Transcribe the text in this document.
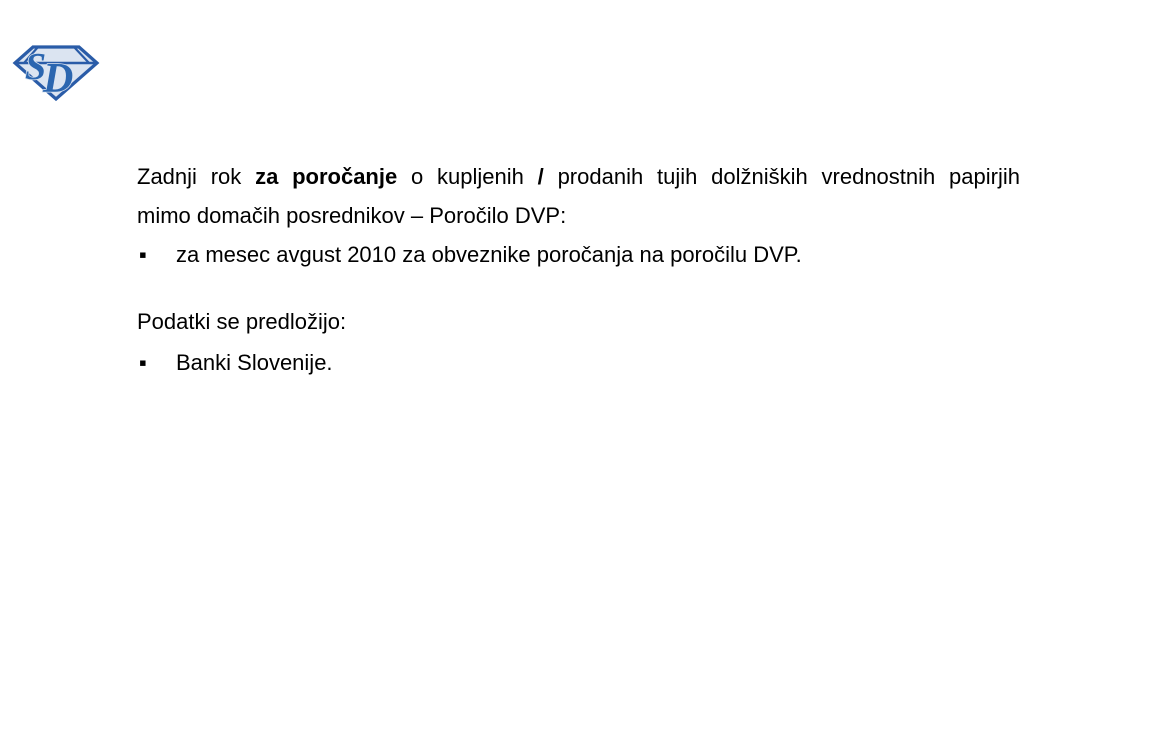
S
D

Zadnji rok za poročanje o kupljenih / prodanih tujih dolžniških vrednostnih papirjih

mimo domačih posrednikov – Poročilo DVP:

▪	za mesec avgust 2010 za obveznike poročanja na poročilu DVP.

Podatki se predložijo:

▪	Banki Slovenije.
